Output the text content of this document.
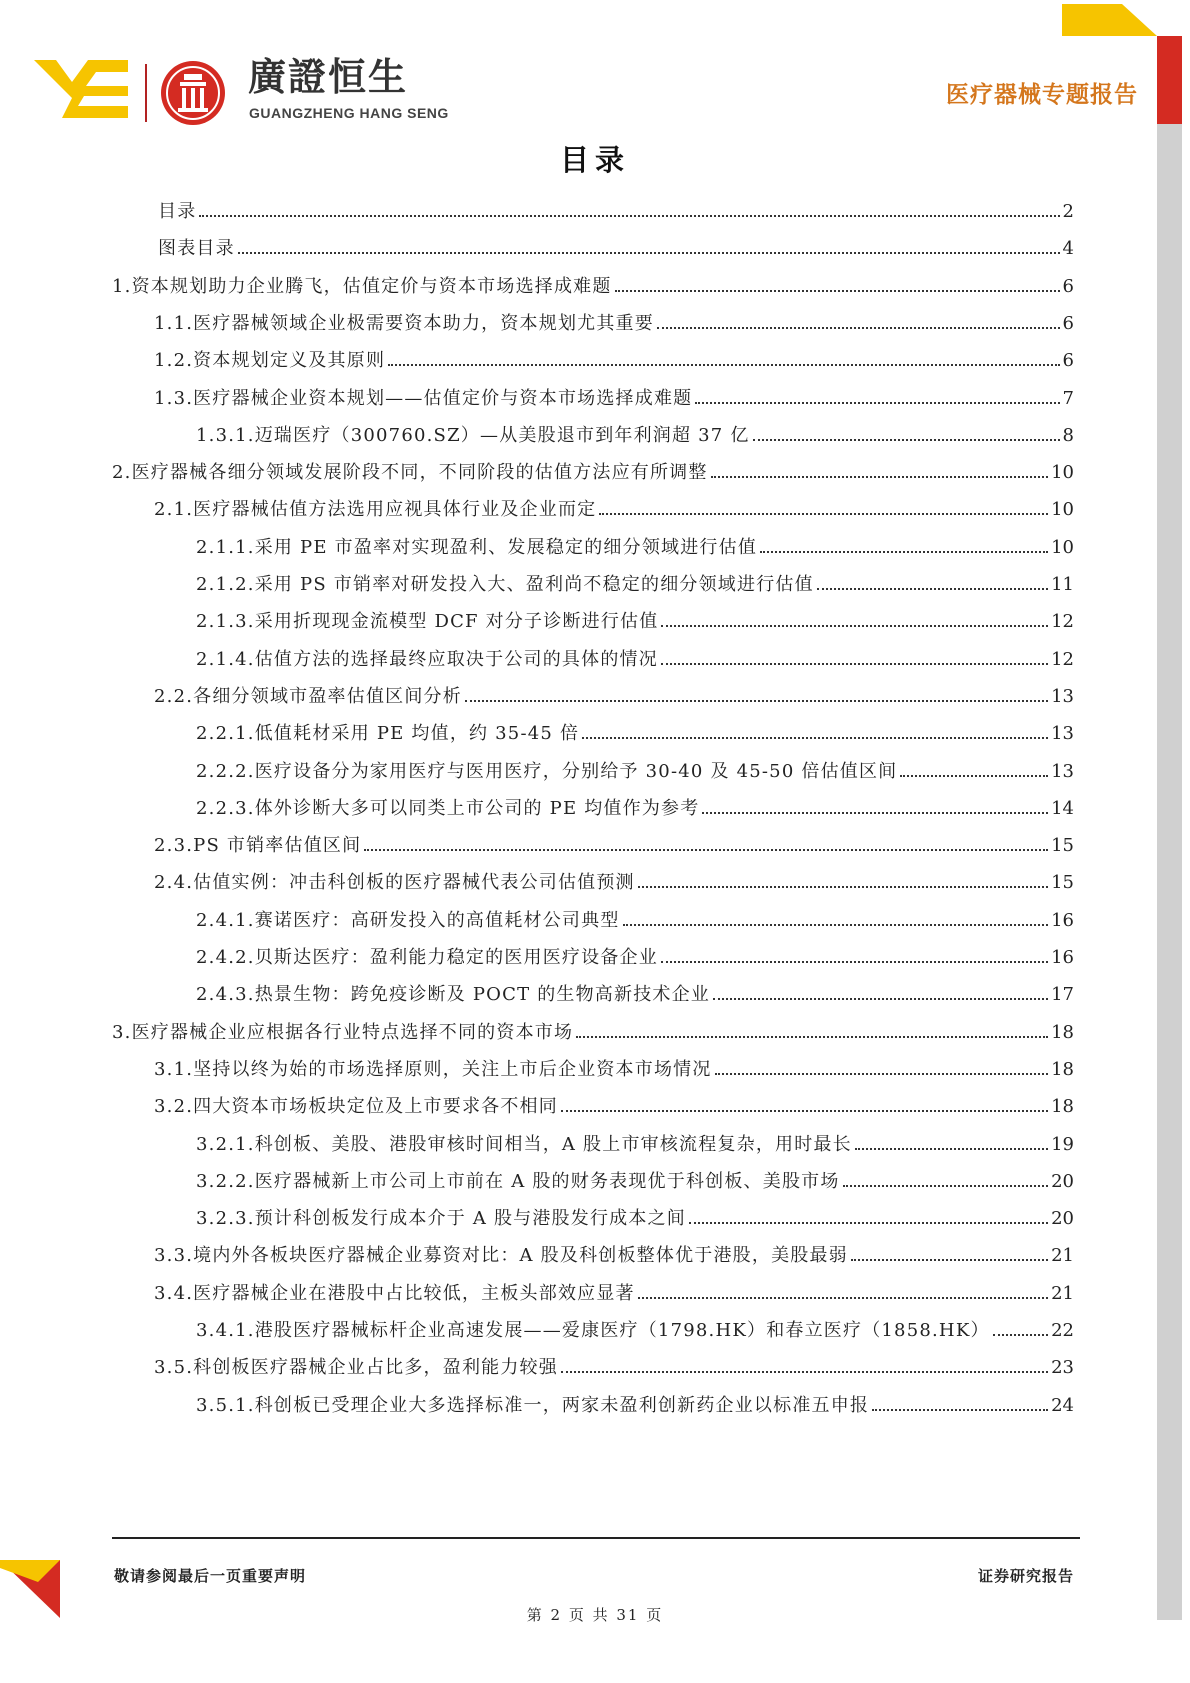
廣證恒生
GUANGZHENG HANG SENG
医疗器械专题报告
目录
目录	2
图表目录	4
1.资本规划助力企业腾飞，估值定价与资本市场选择成难题	6
1.1.医疗器械领域企业极需要资本助力，资本规划尤其重要	6
1.2.资本规划定义及其原则	6
1.3.医疗器械企业资本规划——估值定价与资本市场选择成难题	7
1.3.1.迈瑞医疗（300760.SZ）—从美股退市到年利润超 37 亿	8
2.医疗器械各细分领域发展阶段不同，不同阶段的估值方法应有所调整	10
2.1.医疗器械估值方法选用应视具体行业及企业而定	10
2.1.1.采用 PE 市盈率对实现盈利、发展稳定的细分领域进行估值	10
2.1.2.采用 PS 市销率对研发投入大、盈利尚不稳定的细分领域进行估值	11
2.1.3.采用折现现金流模型 DCF 对分子诊断进行估值	12
2.1.4.估值方法的选择最终应取决于公司的具体的情况	12
2.2.各细分领域市盈率估值区间分析	13
2.2.1.低值耗材采用 PE 均值，约 35-45 倍	13
2.2.2.医疗设备分为家用医疗与医用医疗，分别给予 30-40 及 45-50 倍估值区间	13
2.2.3.体外诊断大多可以同类上市公司的 PE 均值作为参考	14
2.3.PS 市销率估值区间	15
2.4.估值实例：冲击科创板的医疗器械代表公司估值预测	15
2.4.1.赛诺医疗：高研发投入的高值耗材公司典型	16
2.4.2.贝斯达医疗：盈利能力稳定的医用医疗设备企业	16
2.4.3.热景生物：跨免疫诊断及 POCT 的生物高新技术企业	17
3.医疗器械企业应根据各行业特点选择不同的资本市场	18
3.1.坚持以终为始的市场选择原则，关注上市后企业资本市场情况	18
3.2.四大资本市场板块定位及上市要求各不相同	18
3.2.1.科创板、美股、港股审核时间相当，A 股上市审核流程复杂，用时最长	19
3.2.2.医疗器械新上市公司上市前在 A 股的财务表现优于科创板、美股市场	20
3.2.3.预计科创板发行成本介于 A 股与港股发行成本之间	20
3.3.境内外各板块医疗器械企业募资对比：A 股及科创板整体优于港股，美股最弱	21
3.4.医疗器械企业在港股中占比较低，主板头部效应显著	21
3.4.1.港股医疗器械标杆企业高速发展——爱康医疗（1798.HK）和春立医疗（1858.HK）	22
3.5.科创板医疗器械企业占比多，盈利能力较强	23
3.5.1.科创板已受理企业大多选择标准一，两家未盈利创新药企业以标准五申报	24
敬请参阅最后一页重要声明	证券研究报告
第 2 页 共 31 页
